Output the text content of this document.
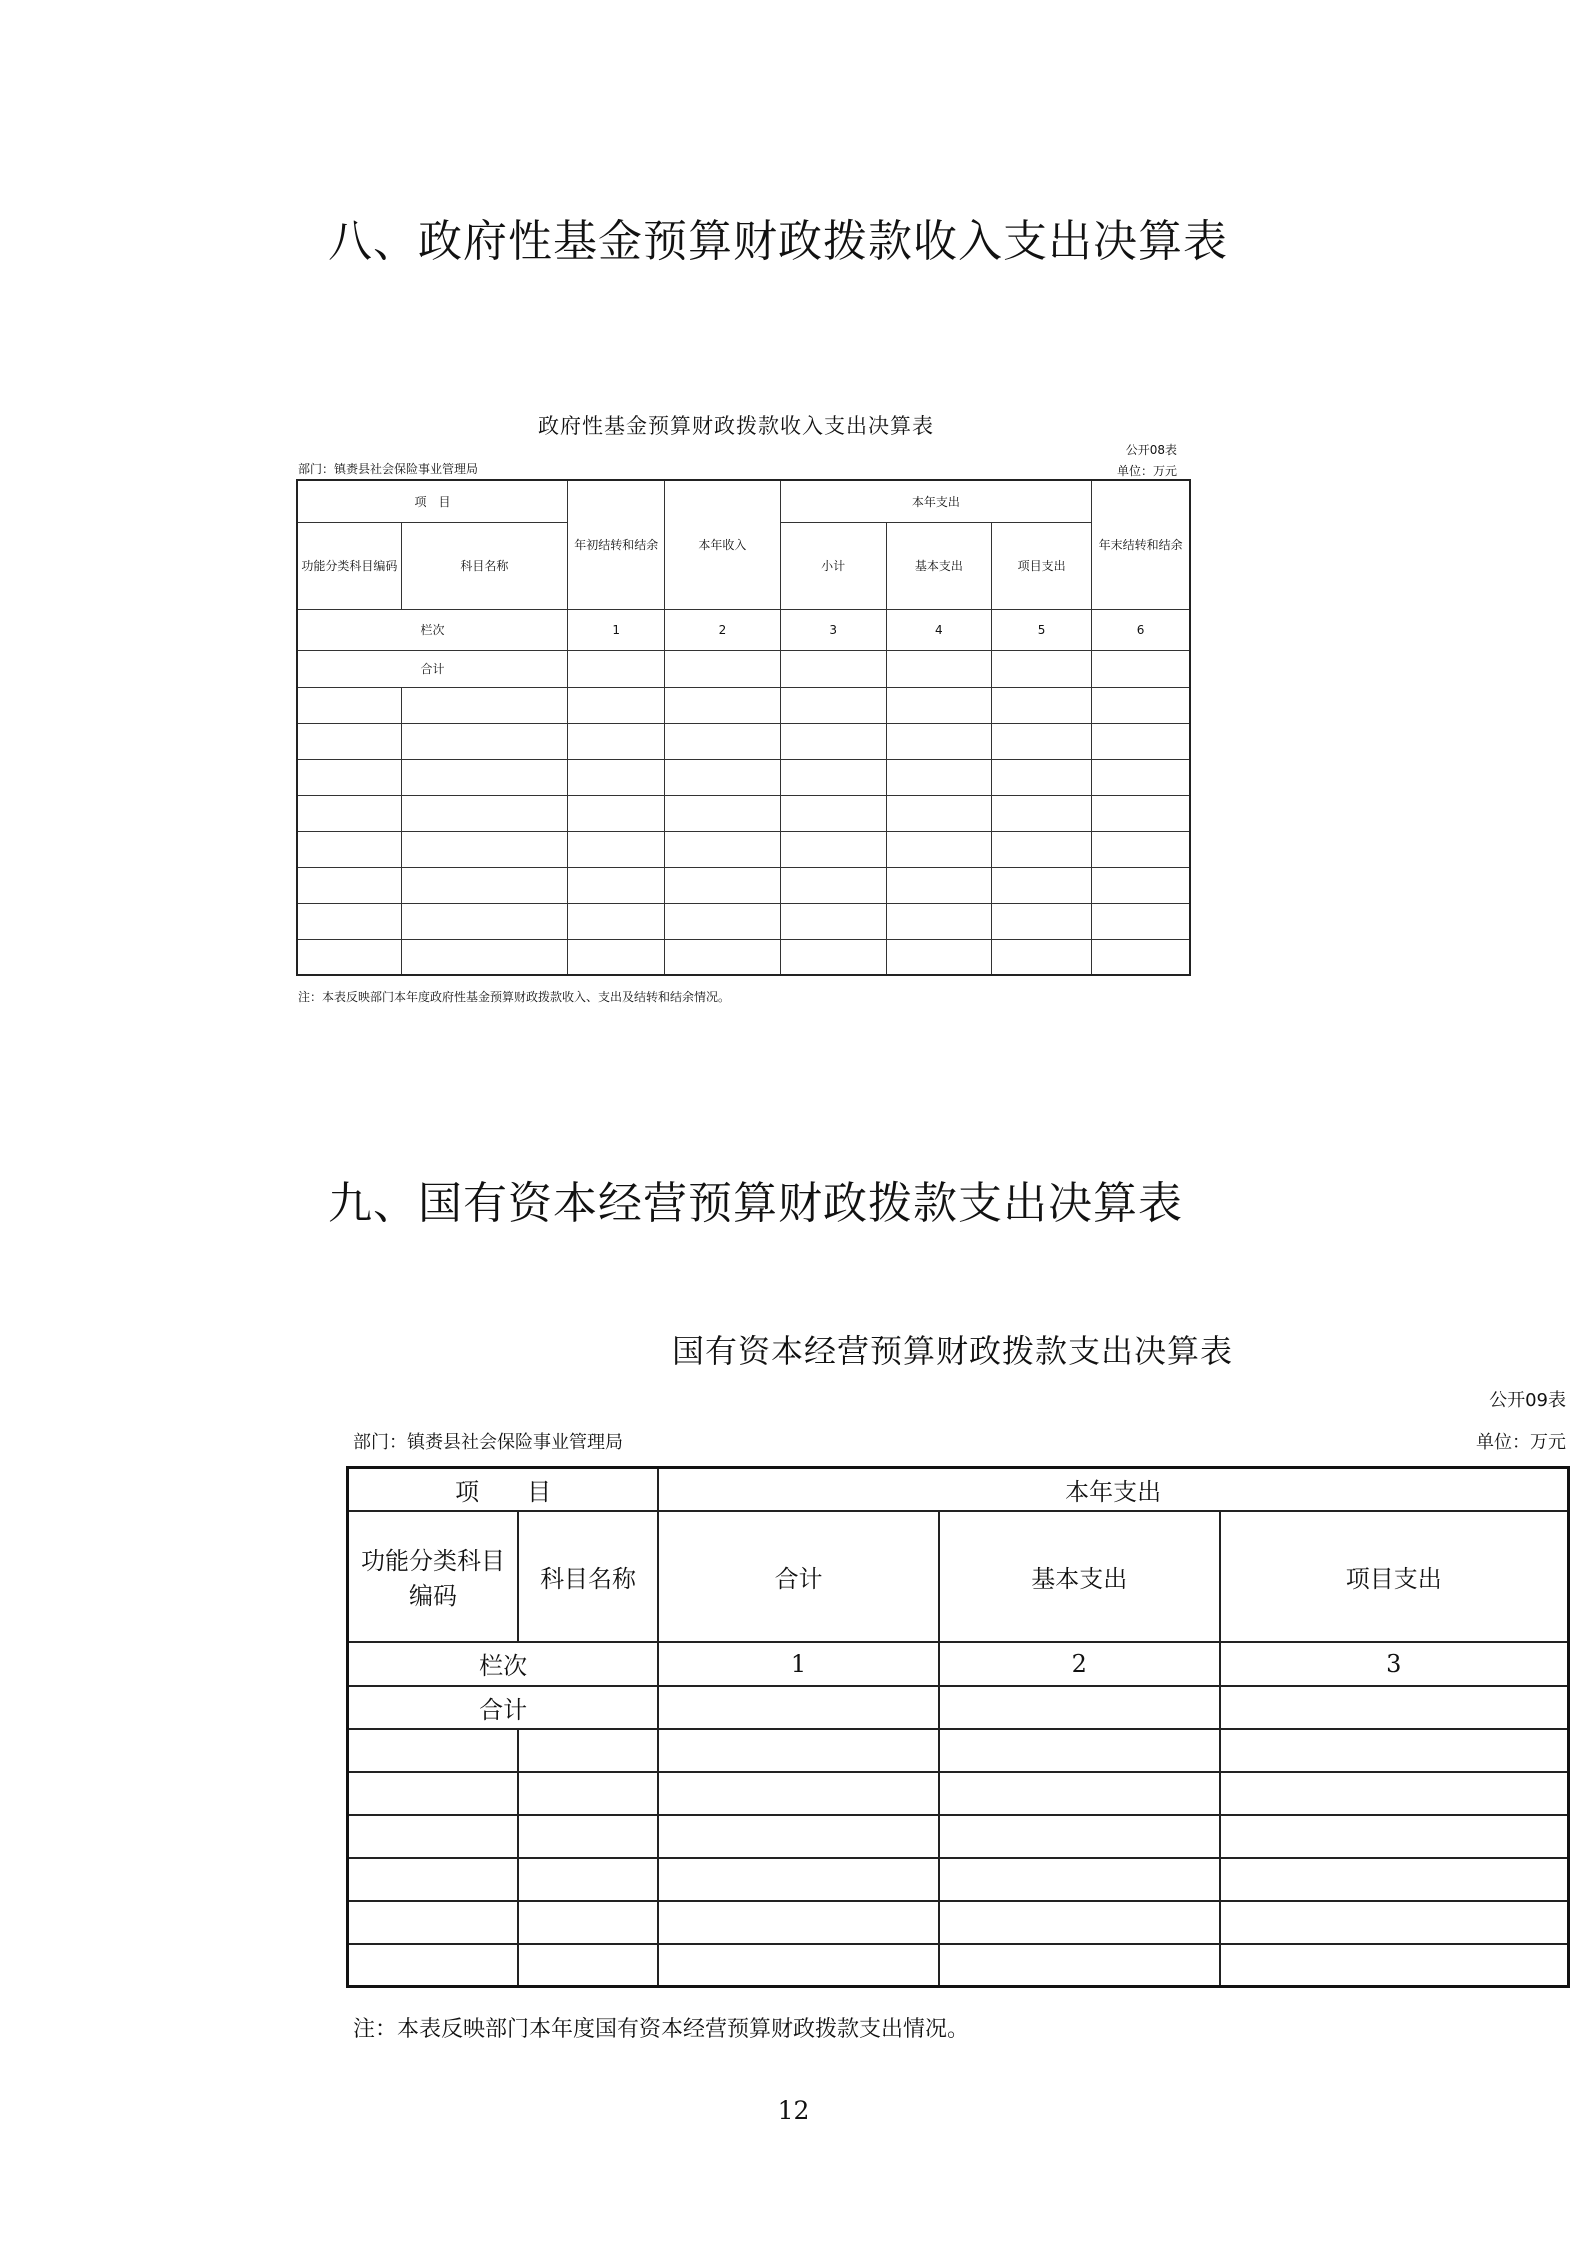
八、政府性基金预算财政拨款收入支出决算表
政府性基金预算财政拨款收入支出决算表
公开08表
部门：镇赉县社会保险事业管理局	单位：万元
项　目		年初结转和结余	本年收入	本年支出			年末结转和结余
功能分类科目编码	科目名称			小计	基本支出	项目支出	
栏次		1	2	3	4	5	6
合计							

注：本表反映部门本年度政府性基金预算财政拨款收入、支出及结转和结余情况。
九、国有资本经营预算财政拨款支出决算表
国有资本经营预算财政拨款支出决算表
公开09表
部门：镇赉县社会保险事业管理局	单位：万元
项　　目		本年支出		
功能分类科目编码	科目名称	合计	基本支出	项目支出
栏次		1	2	3
合计				

注：本表反映部门本年度国有资本经营预算财政拨款支出情况。
12
